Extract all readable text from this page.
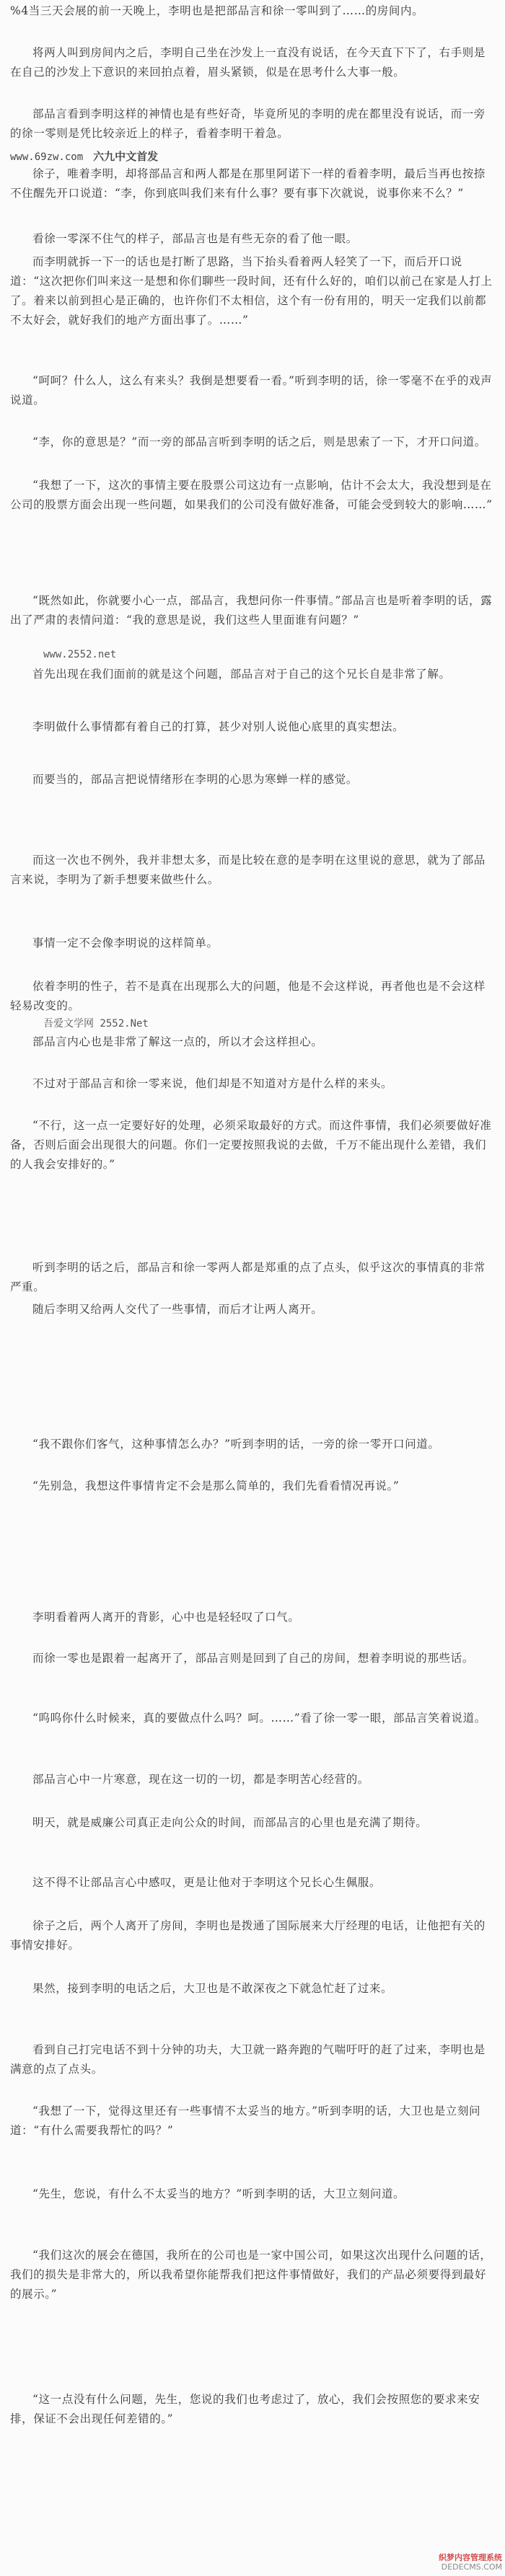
%4当三天会展的前一天晚上，李明也是把部品言和徐一零叫到了……的房间内。
将两人叫到房间内之后，李明自己坐在沙发上一直没有说话，在今天直下下了，右手则是在自己的沙发上下意识的来回拍点着，眉头紧锁，似是在思考什么大事一般。
部品言看到李明这样的神情也是有些好奇，毕竟所见的李明的虎在都里没有说话，而一旁的徐一零则是凭比较亲近上的样子，看着李明干着急。
www.69zw.com 六九中文首发
徐子，唯着李明，却将部品言和两人都是在那里阿诺下一样的看着李明，最后当再也按捺不住醒先开口说道：“李，你到底叫我们来有什么事？要有事下次就说，说事你来不么？”
看徐一零深不住气的样子，部品言也是有些无奈的看了他一眼。
而李明就拆一下一的话也是打断了思路，当下抬头看着两人轻笑了一下，而后开口说道：“这次把你们叫来这一是想和你们聊些一段时间，还有什么好的，咱们以前己在家是人打上了。着来以前到担心是正确的，也许你们不太相信，这个有一份有用的，明天一定我们以前都不太好会，就好我们的地产方面出事了。……”
“呵呵？什么人，这么有来头？我倒是想要看一看。”听到李明的话，徐一零毫不在乎的戏声说道。
“李，你的意思是？”而一旁的部品言听到李明的话之后，则是思索了一下，才开口问道。
“我想了一下，这次的事情主要在股票公司这边有一点影响，估计不会太大，我没想到是在公司的股票方面会出现一些问题，如果我们的公司没有做好准备，可能会受到较大的影响……”
“既然如此，你就要小心一点，部品言，我想问你一件事情。”部品言也是听着李明的话，露出了严肃的表情问道：“我的意思是说，我们这些人里面谁有问题？”
www.2552.net
首先出现在我们面前的就是这个问题，部品言对于自己的这个兄长自是非常了解。
李明做什么事情都有着自己的打算，甚少对别人说他心底里的真实想法。
而要当的，部品言把说情绪形在李明的心思为寒蝉一样的感觉。
而这一次也不例外，我并非想太多，而是比较在意的是李明在这里说的意思，就为了部品言来说，李明为了新手想要来做些什么。
事情一定不会像李明说的这样简单。
依着李明的性子，若不是真在出现那么大的问题，他是不会这样说，再者他也是不会这样轻易改变的。
吾爱文学网 2552.Net
部品言内心也是非常了解这一点的，所以才会这样担心。
不过对于部品言和徐一零来说，他们却是不知道对方是什么样的来头。
“不行，这一点一定要好好的处理，必须采取最好的方式。而这件事情，我们必须要做好准备，否则后面会出现很大的问题。你们一定要按照我说的去做，千万不能出现什么差错，我们的人我会安排好的。”
听到李明的话之后，部品言和徐一零两人都是郑重的点了点头，似乎这次的事情真的非常严重。
随后李明又给两人交代了一些事情，而后才让两人离开。
“我不跟你们客气，这种事情怎么办？”听到李明的话，一旁的徐一零开口问道。
“先别急，我想这件事情肯定不会是那么简单的，我们先看看情况再说。”
李明看着两人离开的背影，心中也是轻轻叹了口气。
而徐一零也是跟着一起离开了，部品言则是回到了自己的房间，想着李明说的那些话。
“呜呜你什么时候来，真的要做点什么吗？呵。……”看了徐一零一眼，部品言笑着说道。
部品言心中一片寒意，现在这一切的一切，都是李明苦心经营的。
明天，就是威廉公司真正走向公众的时间，而部品言的心里也是充满了期待。
这不得不让部品言心中感叹，更是让他对于李明这个兄长心生佩服。
徐子之后，两个人离开了房间，李明也是拨通了国际展来大厅经理的电话，让他把有关的事情安排好。
果然，接到李明的电话之后，大卫也是不敢深夜之下就急忙赶了过来。
看到自己打完电话不到十分钟的功夫，大卫就一路奔跑的气喘吁吁的赶了过来，李明也是满意的点了点头。
“我想了一下，觉得这里还有一些事情不太妥当的地方。”听到李明的话，大卫也是立刻问道：“有什么需要我帮忙的吗？”
“先生，您说，有什么不太妥当的地方？”听到李明的话，大卫立刻问道。
“我们这次的展会在德国，我所在的公司也是一家中国公司，如果这次出现什么问题的话，我们的损失是非常大的，所以我希望你能帮我们把这件事情做好，我们的产品必须要得到最好的展示。”
“这一点没有什么问题，先生，您说的我们也考虑过了，放心，我们会按照您的要求来安排，保证不会出现任何差错的。”
织梦内容管理系统
DEDECMS.COM
